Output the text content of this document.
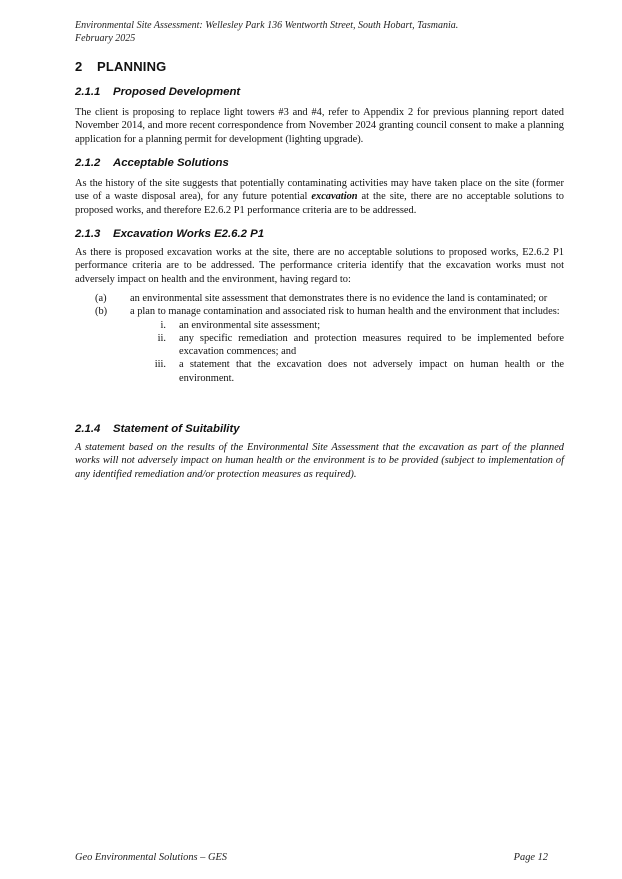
Environmental Site Assessment: Wellesley Park 136 Wentworth Street, South Hobart, Tasmania.
February 2025
2 PLANNING
2.1.1 Proposed Development
The client is proposing to replace light towers #3 and #4, refer to Appendix 2 for previous planning report dated November 2014, and more recent correspondence from November 2024 granting council consent to make a planning application for a planning permit for development (lighting upgrade).
2.1.2 Acceptable Solutions
As the history of the site suggests that potentially contaminating activities may have taken place on the site (former use of a waste disposal area), for any future potential excavation at the site, there are no acceptable solutions to proposed works, and therefore E2.6.2 P1 performance criteria are to be addressed.
2.1.3 Excavation Works E2.6.2 P1
As there is proposed excavation works at the site, there are no acceptable solutions to proposed works, E2.6.2 P1 performance criteria are to be addressed. The performance criteria identify that the excavation works must not adversely impact on health and the environment, having regard to:
(a) an environmental site assessment that demonstrates there is no evidence the land is contaminated; or
(b) a plan to manage contamination and associated risk to human health and the environment that includes:
i. an environmental site assessment;
ii. any specific remediation and protection measures required to be implemented before excavation commences; and
iii. a statement that the excavation does not adversely impact on human health or the environment.
2.1.4 Statement of Suitability
A statement based on the results of the Environmental Site Assessment that the excavation as part of the planned works will not adversely impact on human health or the environment is to be provided (subject to implementation of any identified remediation and/or protection measures as required).
Geo Environmental Solutions – GES	Page 12
